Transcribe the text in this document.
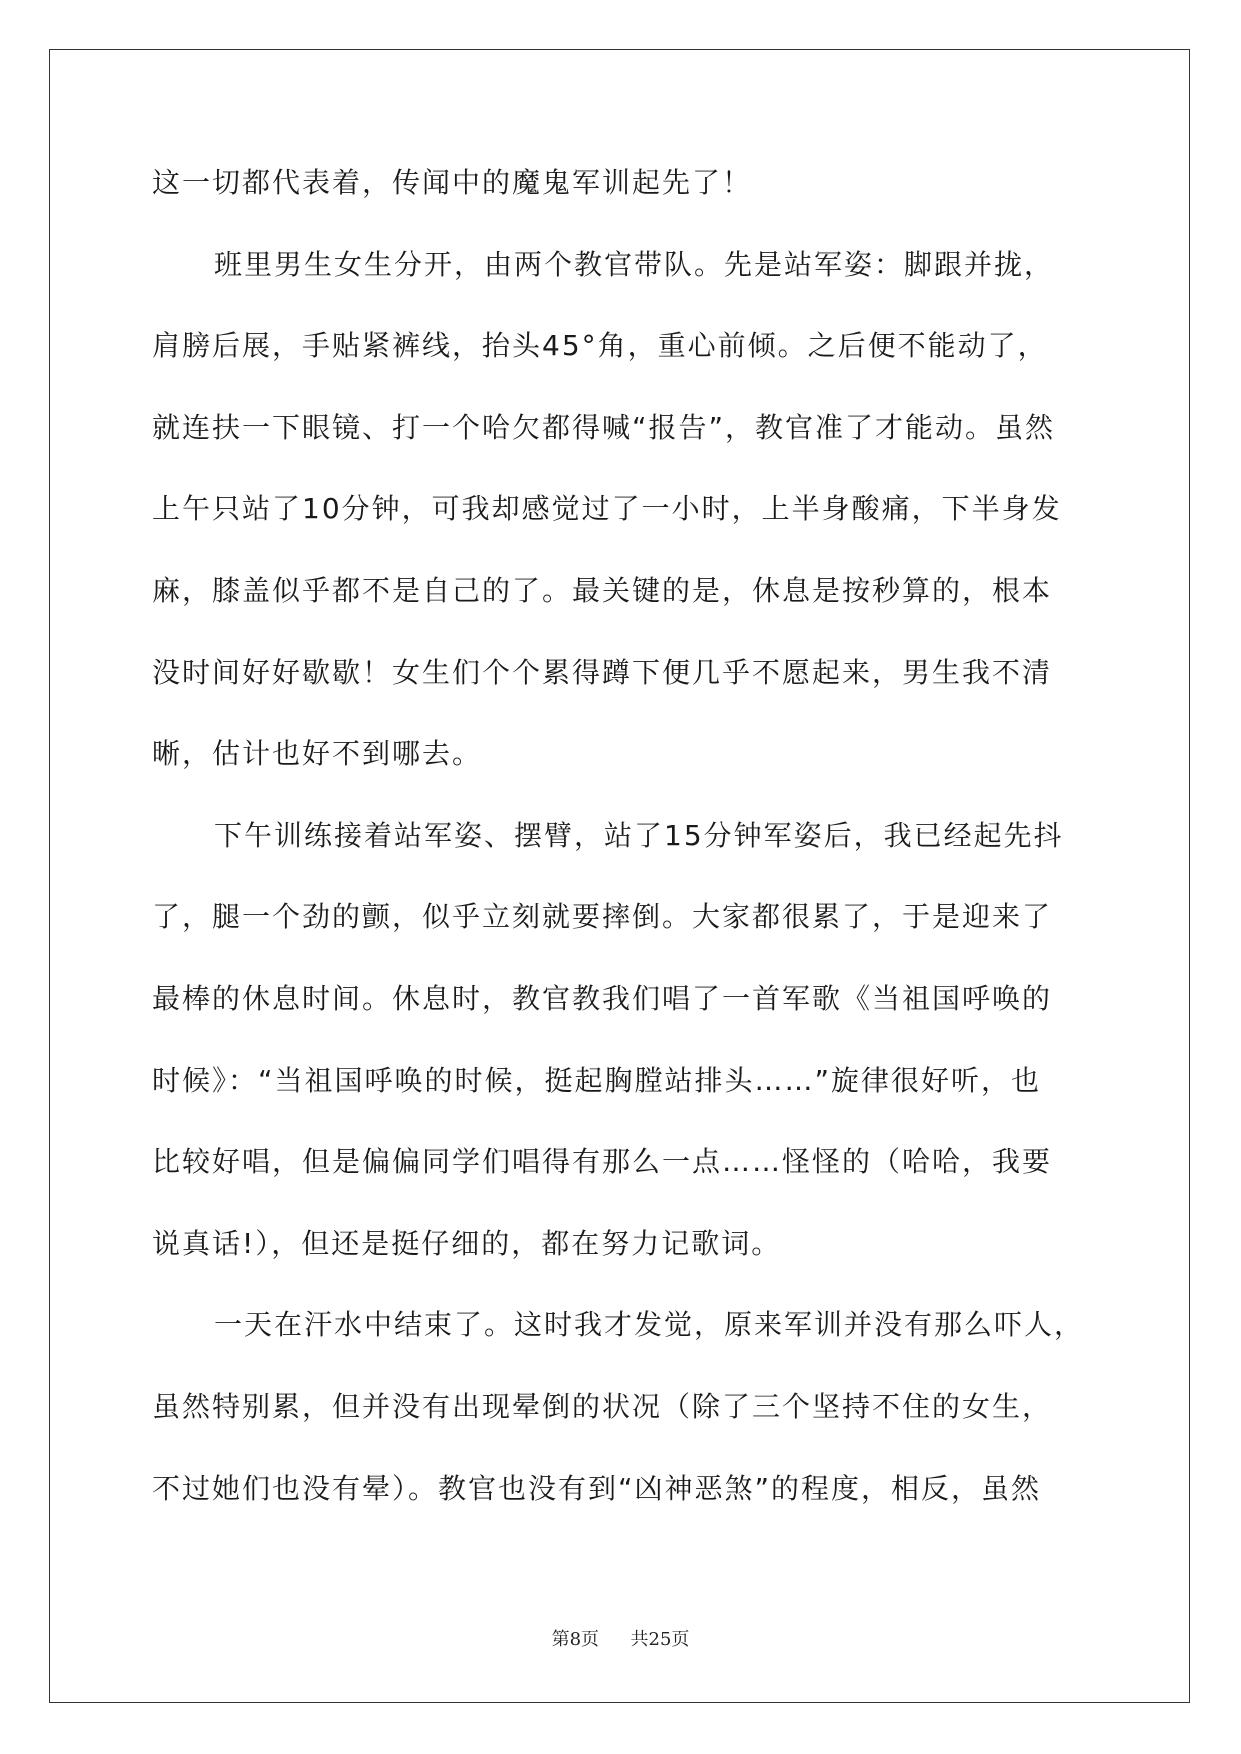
这一切都代表着，传闻中的魔鬼军训起先了！

班里男生女生分开，由两个教官带队。先是站军姿：脚跟并拢，

肩膀后展，手贴紧裤线，抬头45°角，重心前倾。之后便不能动了，

就连扶一下眼镜、打一个哈欠都得喊“报告”，教官准了才能动。虽然

上午只站了10分钟，可我却感觉过了一小时，上半身酸痛，下半身发

麻，膝盖似乎都不是自己的了。最关键的是，休息是按秒算的，根本

没时间好好歇歇！女生们个个累得蹲下便几乎不愿起来，男生我不清

晰，估计也好不到哪去。

下午训练接着站军姿、摆臂，站了15分钟军姿后，我已经起先抖

了，腿一个劲的颤，似乎立刻就要摔倒。大家都很累了，于是迎来了

最棒的休息时间。休息时，教官教我们唱了一首军歌《当祖国呼唤的

时候》：“当祖国呼唤的时候，挺起胸膛站排头……”旋律很好听，也

比较好唱，但是偏偏同学们唱得有那么一点……怪怪的（哈哈，我要

说真话!），但还是挺仔细的，都在努力记歌词。

一天在汗水中结束了。这时我才发觉，原来军训并没有那么吓人，

虽然特别累，但并没有出现晕倒的状况（除了三个坚持不住的女生，

不过她们也没有晕）。教官也没有到“凶神恶煞”的程度，相反，虽然

第8页 共25页
